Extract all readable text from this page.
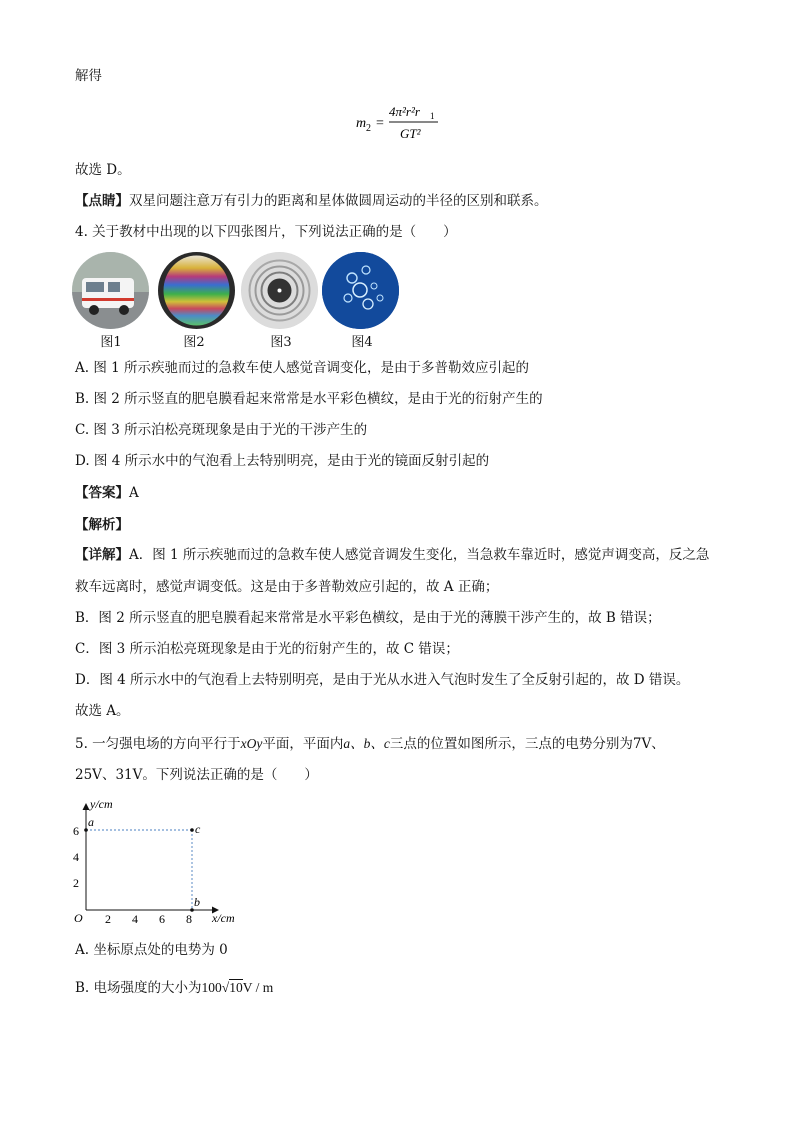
解得
m 2 =
4π²r²r 1
GT²
故选 D。
【点睛】双星问题注意万有引力的距离和星体做圆周运动的半径的区别和联系。
4. 关于教材中出现的以下四张图片，下列说法正确的是（　　）
图1	图2	图3	图4
A. 图 1 所示疾驰而过的急救车使人感觉音调变化，是由于多普勒效应引起的
B. 图 2 所示竖直的肥皂膜看起来常常是水平彩色横纹，是由于光的衍射产生的
C. 图 3 所示泊松亮斑现象是由于光的干涉产生的
D. 图 4 所示水中的气泡看上去特别明亮，是由于光的镜面反射引起的
【答案】A
【解析】
【详解】A．图 1 所示疾驰而过的急救车使人感觉音调发生变化，当急救车靠近时，感觉声调变高，反之急
救车远离时，感觉声调变低。这是由于多普勒效应引起的，故 A 正确；
B．图 2 所示竖直的肥皂膜看起来常常是水平彩色横纹，是由于光的薄膜干涉产生的，故 B 错误；
C．图 3 所示泊松亮斑现象是由于光的衍射产生的，故 C 错误；
D．图 4 所示水中的气泡看上去特别明亮，是由于光从水进入气泡时发生了全反射引起的，故 D 错误。
故选 A。
5. 一匀强电场的方向平行于xOy平面，平面内a、b、c三点的位置如图所示，三点的电势分别为7V、
25V、31V。下列说法正确的是（　　）
y/cm
x/cm
O 2 4 6 8
2
4
6
a	c
b
A. 坐标原点处的电势为 0
B. 电场强度的大小为100√10V / m
